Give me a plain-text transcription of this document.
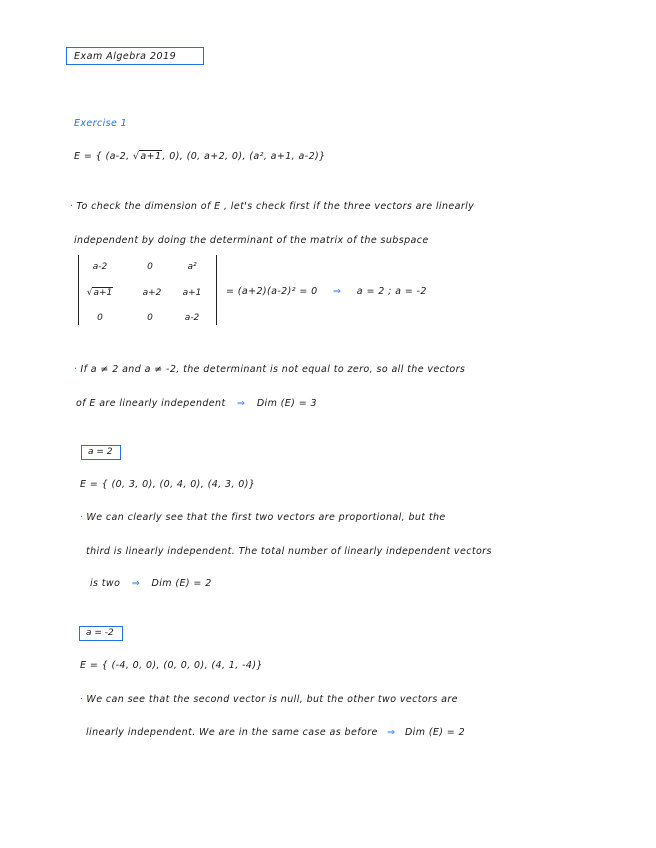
Exam Algebra 2019
Exercise 1
E = { (a-2, √a+1, 0), (0, a+2, 0), (a², a+1, a-2)}
· To check the dimension of E , let's check first if the three vectors are linearly
independent by doing the determinant of the matrix of the subspace
a-2	0	a²
√a+1	a+2	a+1
0	0	a-2
= (a+2)(a-2)² = 0 ⇒ a = 2 ; a = -2
· If a ≠ 2 and a ≠ -2, the determinant is not equal to zero, so all the vectors
of E are linearly independent ⇒ Dim (E) = 3
a = 2
E = { (0, 3, 0), (0, 4, 0), (4, 3, 0)}
· We can clearly see that the first two vectors are proportional, but the
third is linearly independent. The total number of linearly independent vectors
is two ⇒ Dim (E) = 2
a = -2
E = { (-4, 0, 0), (0, 0, 0), (4, 1, -4)}
· We can see that the second vector is null, but the other two vectors are
linearly independent. We are in the same case as before ⇒ Dim (E) = 2
